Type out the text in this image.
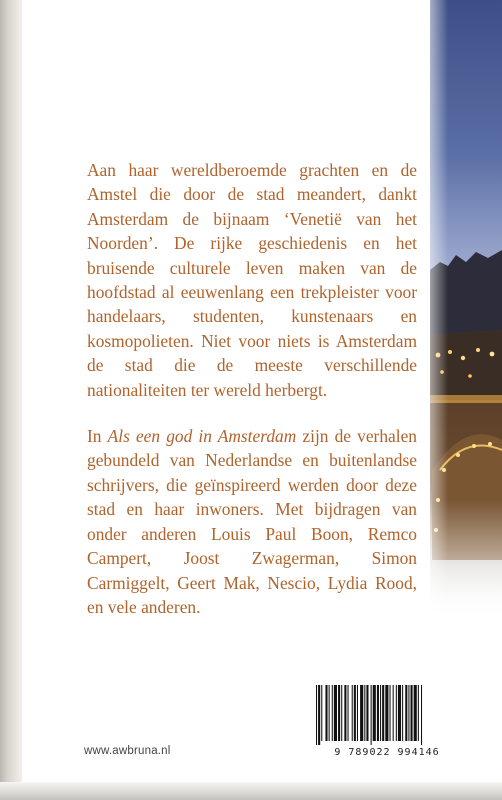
Aan haar wereldberoemde grachten en de Amstel die door de stad meandert, dankt Amsterdam de bijnaam ‘Venetië van het Noorden’. De rijke geschiedenis en het bruisende culturele leven maken van de hoofdstad al eeuwenlang een trekpleister voor handelaars, studenten, kunstenaars en kosmopolieten. Niet voor niets is Amsterdam de stad die de meeste verschillende nationaliteiten ter wereld herbergt.

In Als een god in Amsterdam zijn de verhalen gebundeld van Nederlandse en buitenlandse schrijvers, die geïnspireerd werden door deze stad en haar inwoners. Met bijdragen van onder anderen Louis Paul Boon, Remco Campert, Joost Zwagerman, Simon Carmiggelt, Geert Mak, Nescio, Lydia Rood, en vele anderen.

www.awbruna.nl	9 789022 994146
